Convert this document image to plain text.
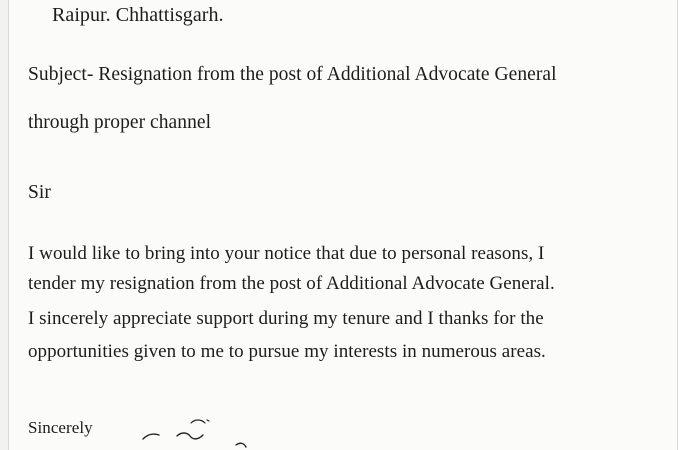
Raipur. Chhattisgarh.
Subject- Resignation from the post of Additional Advocate General
through proper channel
Sir
I would like to bring into your notice that due to personal reasons, I
tender my resignation from the post of Additional Advocate General.
I sincerely appreciate support during my tenure and I thanks for the
opportunities given to me to pursue my interests in numerous areas.
Sincerely
